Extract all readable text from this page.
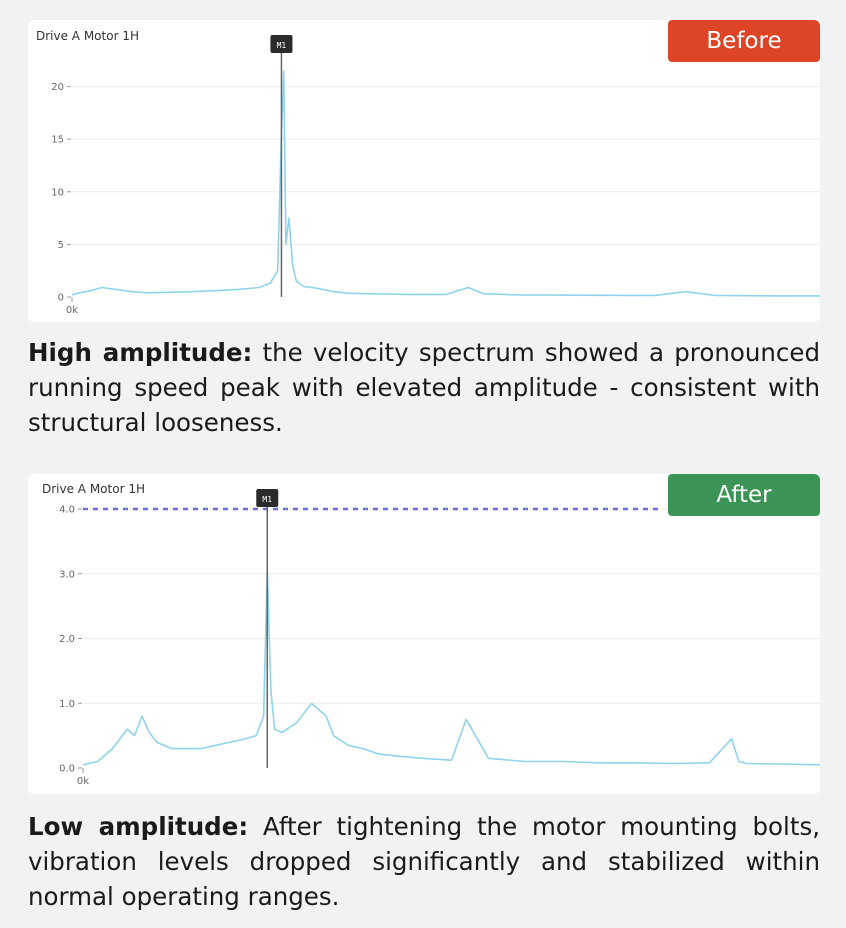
0
5
10
15
20
0k
M1
Drive A Motor 1H	Before
High amplitude: the velocity spectrum showed a pronounced running speed peak with elevated amplitude - consistent with structural looseness.
0.0
1.0
2.0
3.0
4.0
0k
M1
Drive A Motor 1H	After
Low amplitude: After tightening the motor mounting bolts, vibration levels dropped significantly and stabilized within normal operating ranges.
